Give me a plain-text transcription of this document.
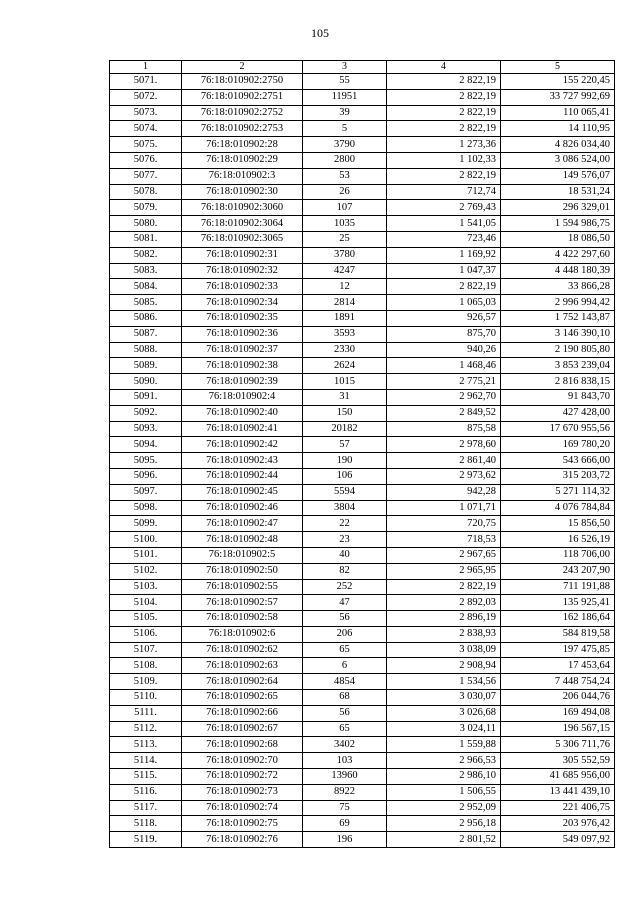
105
1	2	3	4	5
5071.	76:18:010902:2750	55	2 822,19	155 220,45
5072.	76:18:010902:2751	11951	2 822,19	33 727 992,69
5073.	76:18:010902:2752	39	2 822,19	110 065,41
5074.	76:18:010902:2753	5	2 822,19	14 110,95
5075.	76:18:010902:28	3790	1 273,36	4 826 034,40
5076.	76:18:010902:29	2800	1 102,33	3 086 524,00
5077.	76:18:010902:3	53	2 822,19	149 576,07
5078.	76:18:010902:30	26	712,74	18 531,24
5079.	76:18:010902:3060	107	2 769,43	296 329,01
5080.	76:18:010902:3064	1035	1 541,05	1 594 986,75
5081.	76:18:010902:3065	25	723,46	18 086,50
5082.	76:18:010902:31	3780	1 169,92	4 422 297,60
5083.	76:18:010902:32	4247	1 047,37	4 448 180,39
5084.	76:18:010902:33	12	2 822,19	33 866,28
5085.	76:18:010902:34	2814	1 065,03	2 996 994,42
5086.	76:18:010902:35	1891	926,57	1 752 143,87
5087.	76:18:010902:36	3593	875,70	3 146 390,10
5088.	76:18:010902:37	2330	940,26	2 190 805,80
5089.	76:18:010902:38	2624	1 468,46	3 853 239,04
5090.	76:18:010902:39	1015	2 775,21	2 816 838,15
5091.	76:18:010902:4	31	2 962,70	91 843,70
5092.	76:18:010902:40	150	2 849,52	427 428,00
5093.	76:18:010902:41	20182	875,58	17 670 955,56
5094.	76:18:010902:42	57	2 978,60	169 780,20
5095.	76:18:010902:43	190	2 861,40	543 666,00
5096.	76:18:010902:44	106	2 973,62	315 203,72
5097.	76:18:010902:45	5594	942,28	5 271 114,32
5098.	76:18:010902:46	3804	1 071,71	4 076 784,84
5099.	76:18:010902:47	22	720,75	15 856,50
5100.	76:18:010902:48	23	718,53	16 526,19
5101.	76:18:010902:5	40	2 967,65	118 706,00
5102.	76:18:010902:50	82	2 965,95	243 207,90
5103.	76:18:010902:55	252	2 822,19	711 191,88
5104.	76:18:010902:57	47	2 892,03	135 925,41
5105.	76:18:010902:58	56	2 896,19	162 186,64
5106.	76:18:010902:6	206	2 838,93	584 819,58
5107.	76:18:010902:62	65	3 038,09	197 475,85
5108.	76:18:010902:63	6	2 908,94	17 453,64
5109.	76:18:010902:64	4854	1 534,56	7 448 754,24
5110.	76:18:010902:65	68	3 030,07	206 044,76
5111.	76:18:010902:66	56	3 026,68	169 494,08
5112.	76:18:010902:67	65	3 024,11	196 567,15
5113.	76:18:010902:68	3402	1 559,88	5 306 711,76
5114.	76:18:010902:70	103	2 966,53	305 552,59
5115.	76:18:010902:72	13960	2 986,10	41 685 956,00
5116.	76:18:010902:73	8922	1 506,55	13 441 439,10
5117.	76:18:010902:74	75	2 952,09	221 406,75
5118.	76:18:010902:75	69	2 956,18	203 976,42
5119.	76:18:010902:76	196	2 801,52	549 097,92
